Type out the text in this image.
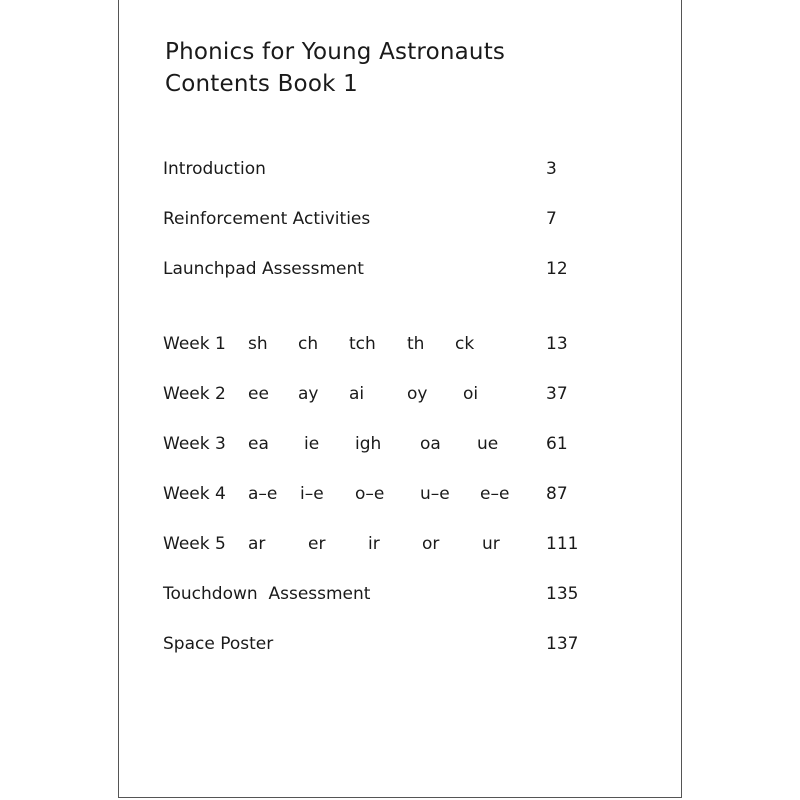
Phonics for Young Astronauts
Contents Book 1
Introduction	3
Reinforcement Activities	7
Launchpad Assessment	12
Week 1 sh ch tch th ck	13
Week 2 ee ay ai	oy oi	37
Week 3 ea ie igh oa ue	61
Week 4 a–e i–e o–e u–e e–e 87
Week 5 ar	er	ir or	ur	111
Touchdown  Assessment	135
Space Poster	137
